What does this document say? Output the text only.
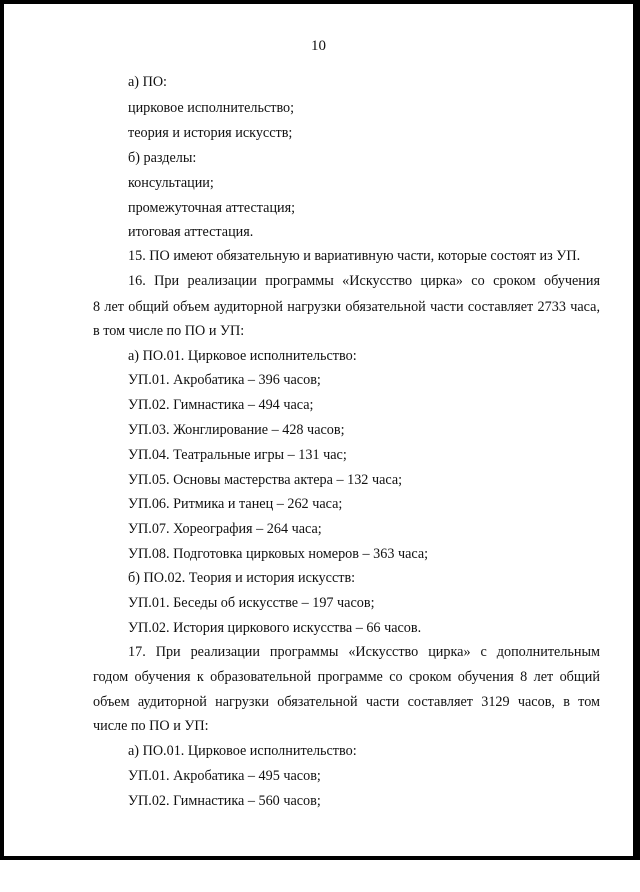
10
а) ПО:
цирковое исполнительство;
теория и история искусств;
б) разделы:
консультации;
промежуточная аттестация;
итоговая аттестация.
15. ПО имеют обязательную и вариативную части, которые состоят из УП.
16. При реализации программы «Искусство цирка» со сроком обучения
8 лет общий объем аудиторной нагрузки обязательной части составляет 2733 часа,
в том числе по ПО и УП:
а) ПО.01. Цирковое исполнительство:
УП.01. Акробатика – 396 часов;
УП.02. Гимнастика – 494 часа;
УП.03. Жонглирование – 428 часов;
УП.04. Театральные игры – 131 час;
УП.05. Основы мастерства актера – 132 часа;
УП.06. Ритмика и танец – 262 часа;
УП.07. Хореография – 264 часа;
УП.08. Подготовка цирковых номеров – 363 часа;
б) ПО.02. Теория и история искусств:
УП.01. Беседы об искусстве – 197 часов;
УП.02. История циркового искусства – 66 часов.
17. При реализации программы «Искусство цирка» с дополнительным
годом обучения к образовательной программе со сроком обучения 8 лет общий
объем аудиторной нагрузки обязательной части составляет 3129 часов, в том
числе по ПО и УП:
а) ПО.01. Цирковое исполнительство:
УП.01. Акробатика – 495 часов;
УП.02. Гимнастика – 560 часов;
